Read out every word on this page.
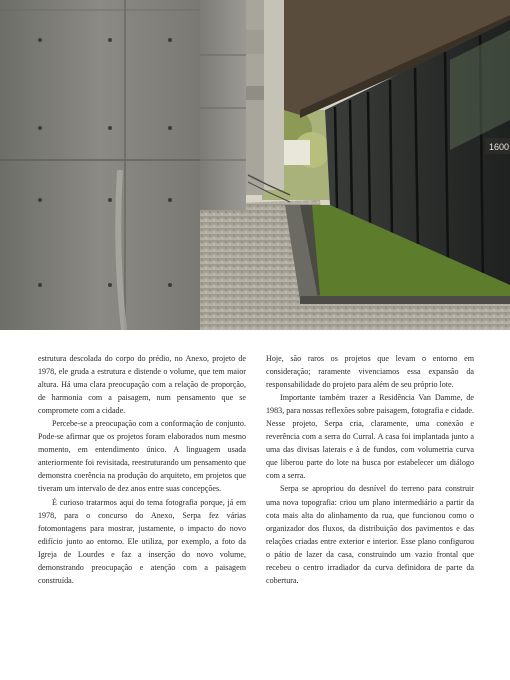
1600

estrutura descolada do corpo do prédio, no Anexo, projeto de 1978, ele gruda a estrutura e distende o volume, que tem maior altura. Há uma clara preocupação com a relação de proporção, de harmonia com a paisagem, num pensamento que se compromete com a cidade.

Percebe-se a preocupação com a conformação de conjunto. Pode-se afirmar que os projetos foram elaborados num mesmo momento, em entendimento único. A linguagem usada anteriormente foi revisitada, reestruturando um pensamento que demonstra coerência na produção do arquiteto, em projetos que tiveram um intervalo de dez anos entre suas concepções.

É curioso tratarmos aqui do tema fotografia porque, já em 1978, para o concurso do Anexo, Serpa fez várias fotomontagens para mostrar, justamente, o impacto do novo edifício junto ao entorno. Ele utiliza, por exemplo, a foto da Igreja de Lourdes e faz a inserção do novo volume, demonstrando preocupação e atenção com a paisagem construída.

Hoje, são raros os projetos que levam o entorno em consideração; raramente vivenciamos essa expansão da responsabilidade do projeto para além de seu próprio lote.

Importante também trazer a Residência Van Damme, de 1983, para nossas reflexões sobre paisagem, fotografia e cidade. Nesse projeto, Serpa cria, claramente, uma conexão e reverência com a serra do Curral. A casa foi implantada junto a uma das divisas laterais e à de fundos, com volumetria curva que liberou parte do lote na busca por estabelecer um diálogo com a serra.

Serpa se apropriou do desnível do terreno para construir uma nova topografia: criou um plano intermediário a partir da cota mais alta do alinhamento da rua, que funcionou como o organizador dos fluxos, da distribuição dos pavimentos e das relações criadas entre exterior e interior. Esse plano configurou o pátio de lazer da casa, construindo um vazio frontal que recebeu o centro irradiador da curva definidora de parte da cobertura.
